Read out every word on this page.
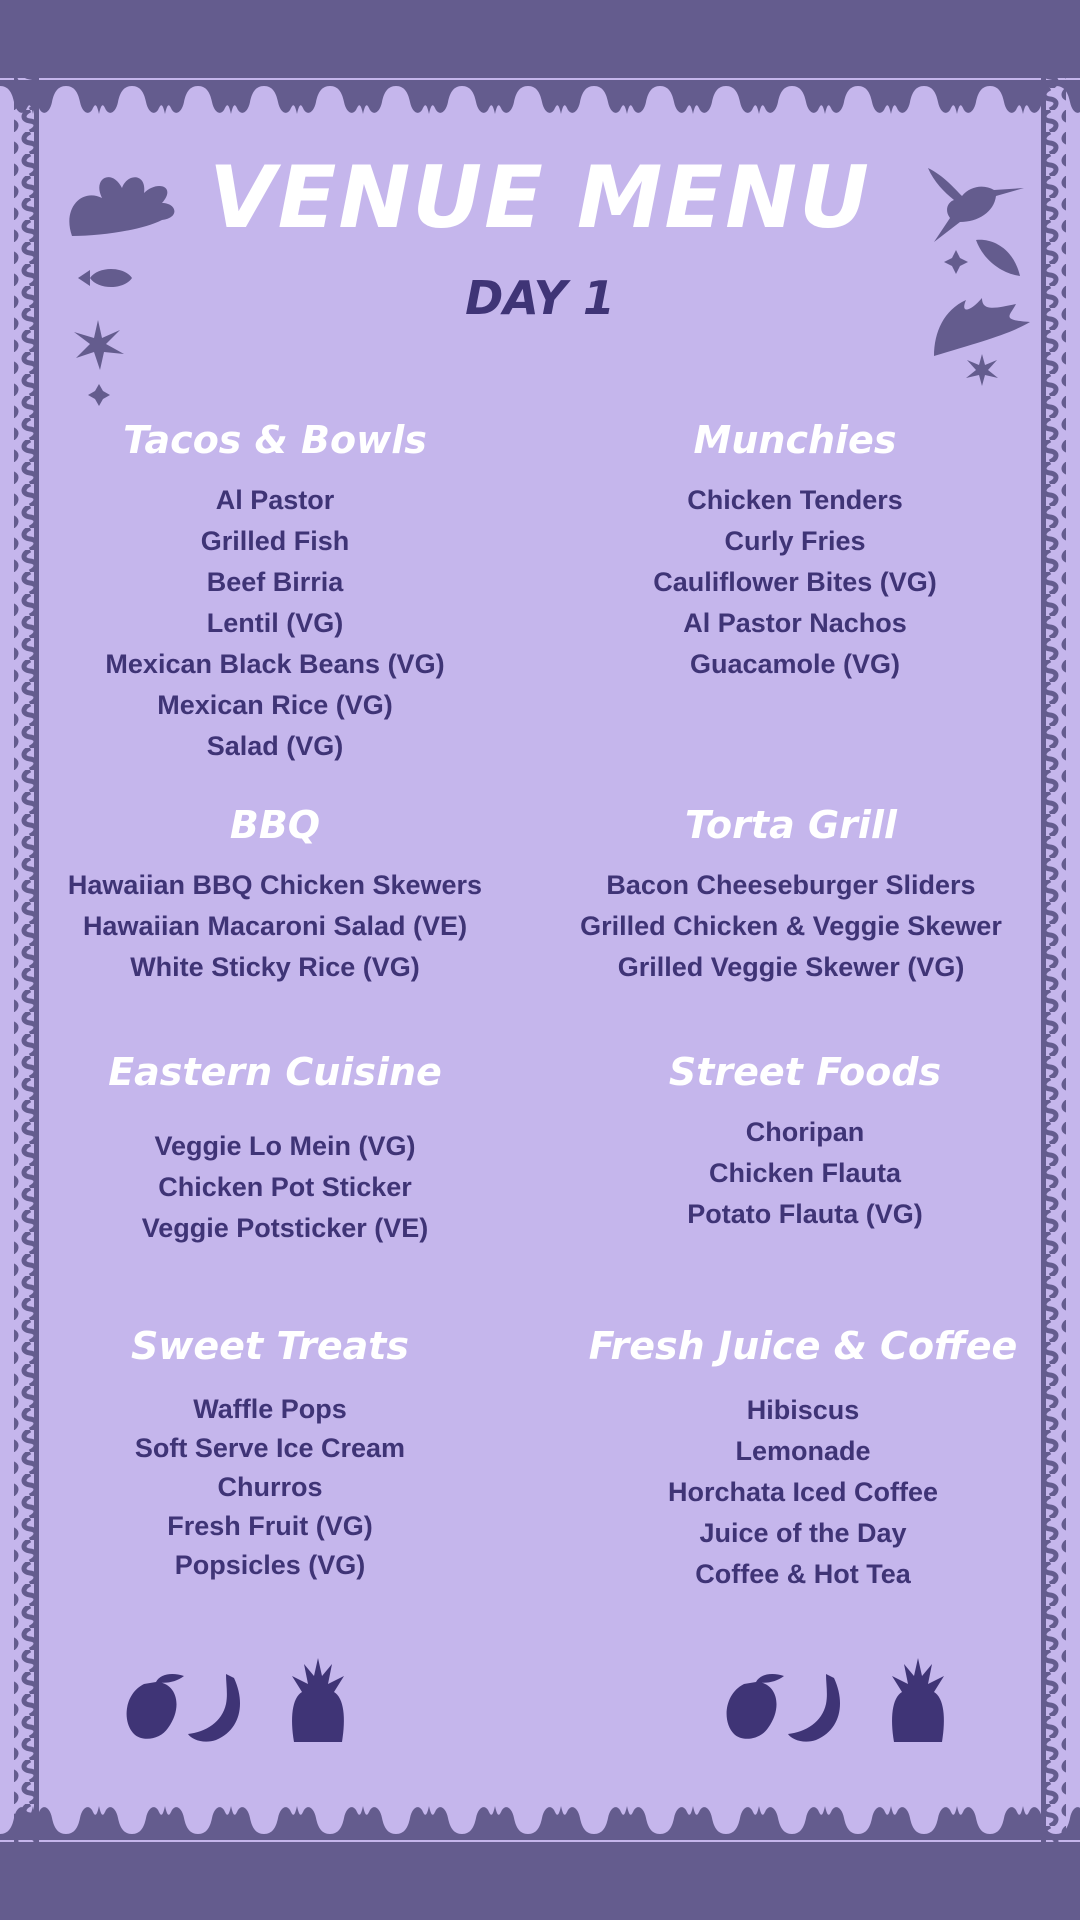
VENUE MENU
DAY 1
Tacos & Bowls
Al Pastor
Grilled Fish
Beef Birria
Lentil (VG)
Mexican Black Beans (VG)
Mexican Rice (VG)
Salad (VG)
Munchies
Chicken Tenders
Curly Fries
Cauliflower Bites (VG)
Al Pastor Nachos
Guacamole (VG)
BBQ
Hawaiian BBQ Chicken Skewers
Hawaiian Macaroni Salad (VE)
White Sticky Rice (VG)
Torta Grill
Bacon Cheeseburger Sliders
Grilled Chicken & Veggie Skewer
Grilled Veggie Skewer (VG)
Eastern Cuisine
Veggie Lo Mein (VG)
Chicken Pot Sticker
Veggie Potsticker (VE)
Street Foods
Choripan
Chicken Flauta
Potato Flauta (VG)
Sweet Treats
Waffle Pops
Soft Serve Ice Cream
Churros
Fresh Fruit (VG)
Popsicles (VG)
Fresh Juice & Coffee
Hibiscus
Lemonade
Horchata Iced Coffee
Juice of the Day
Coffee & Hot Tea
